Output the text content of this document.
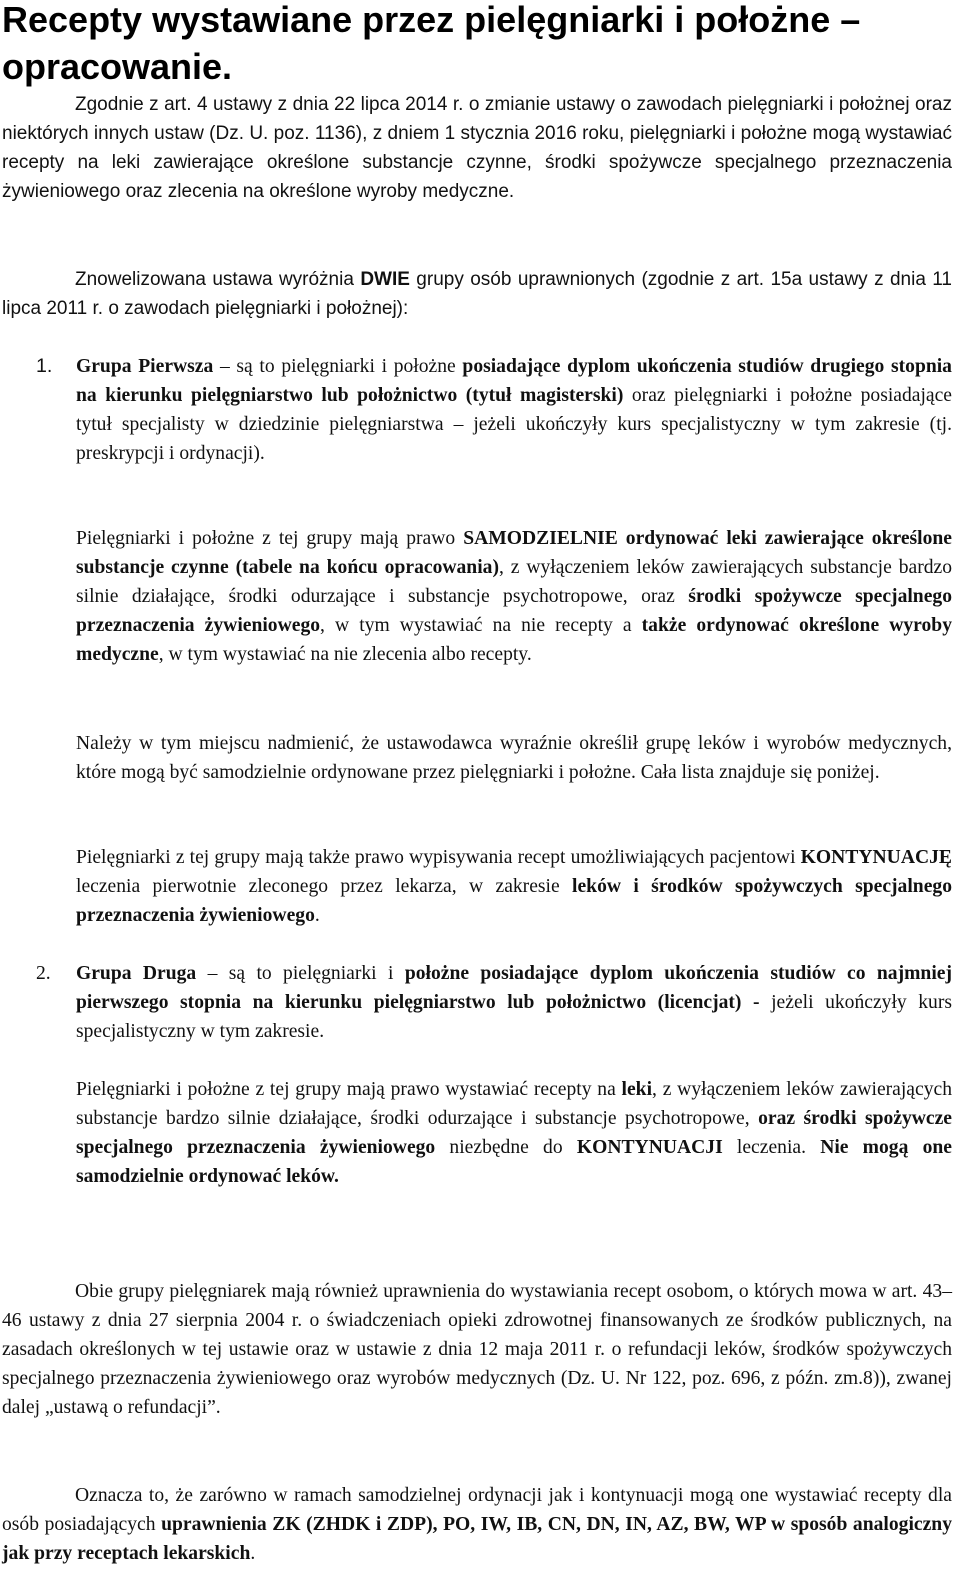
Recepty wystawiane przez pielęgniarki i położne – opracowanie.

Zgodnie z art. 4 ustawy z dnia 22 lipca 2014 r. o zmianie ustawy o zawodach pielęgniarki i położnej oraz niektórych innych ustaw (Dz. U. poz. 1136), z dniem 1 stycznia 2016 roku, pielęgniarki i położne mogą wystawiać recepty na leki zawierające określone substancje czynne, środki spożywcze specjalnego przeznaczenia żywieniowego oraz zlecenia na określone wyroby medyczne.

Znowelizowana ustawa wyróżnia DWIE grupy osób uprawnionych (zgodnie z art. 15a ustawy z dnia 11 lipca 2011 r. o zawodach pielęgniarki i położnej):

1. Grupa Pierwsza – są to pielęgniarki i położne posiadające dyplom ukończenia studiów drugiego stopnia na kierunku pielęgniarstwo lub położnictwo (tytuł magisterski) oraz pielęgniarki i położne posiadające tytuł specjalisty w dziedzinie pielęgniarstwa – jeżeli ukończyły kurs specjalistyczny w tym zakresie (tj. preskrypcji i ordynacji).

Pielęgniarki i położne z tej grupy mają prawo SAMODZIELNIE ordynować leki zawierające określone substancje czynne (tabele na końcu opracowania), z wyłączeniem leków zawierających substancje bardzo silnie działające, środki odurzające i substancje psychotropowe, oraz środki spożywcze specjalnego przeznaczenia żywieniowego, w tym wystawiać na nie recepty a także ordynować określone wyroby medyczne, w tym wystawiać na nie zlecenia albo recepty.

Należy w tym miejscu nadmienić, że ustawodawca wyraźnie określił grupę leków i wyrobów medycznych, które mogą być samodzielnie ordynowane przez pielęgniarki i położne. Cała lista znajduje się poniżej.

Pielęgniarki z tej grupy mają także prawo wypisywania recept umożliwiających pacjentowi KONTYNUACJĘ leczenia pierwotnie zleconego przez lekarza, w zakresie leków i środków spożywczych specjalnego przeznaczenia żywieniowego.

2. Grupa Druga – są to pielęgniarki i położne posiadające dyplom ukończenia studiów co najmniej pierwszego stopnia na kierunku pielęgniarstwo lub położnictwo (licencjat) - jeżeli ukończyły kurs specjalistyczny w tym zakresie.

Pielęgniarki i położne z tej grupy mają prawo wystawiać recepty na leki, z wyłączeniem leków zawierających substancje bardzo silnie działające, środki odurzające i substancje psychotropowe, oraz środki spożywcze specjalnego przeznaczenia żywieniowego niezbędne do KONTYNUACJI leczenia. Nie mogą one samodzielnie ordynować leków.

Obie grupy pielęgniarek mają również uprawnienia do wystawiania recept osobom, o których mowa w art. 43–46 ustawy z dnia 27 sierpnia 2004 r. o świadczeniach opieki zdrowotnej finansowanych ze środków publicznych, na zasadach określonych w tej ustawie oraz w ustawie z dnia 12 maja 2011 r. o refundacji leków, środków spożywczych specjalnego przeznaczenia żywieniowego oraz wyrobów medycznych (Dz. U. Nr 122, poz. 696, z późn. zm.8)), zwanej dalej „ustawą o refundacji”.

Oznacza to, że zarówno w ramach samodzielnej ordynacji jak i kontynuacji mogą one wystawiać recepty dla osób posiadających uprawnienia ZK (ZHDK i ZDP), PO, IW, IB, CN, DN, IN, AZ, BW, WP w sposób analogiczny jak przy receptach lekarskich.
